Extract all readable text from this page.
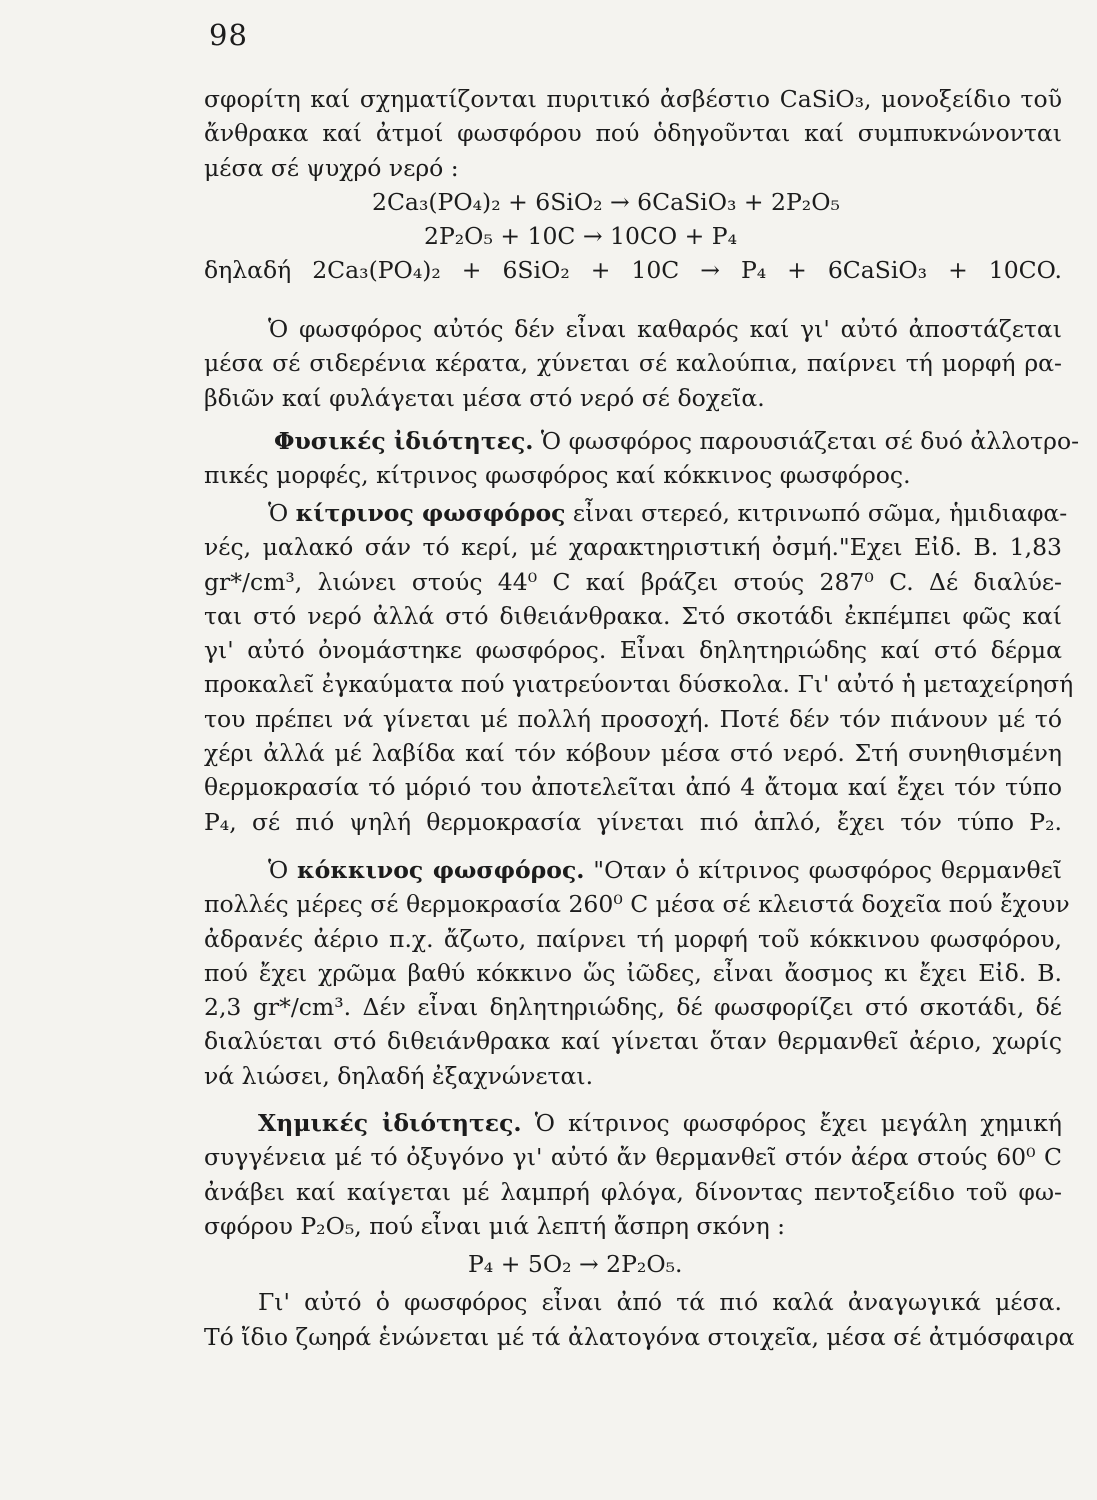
98
σφορίτη καί σχηματίζονται πυριτικό ἀσβέστιο CaSiO₃, μονοξείδιο τοῦ
ἄνθρακα καί ἀτμοί φωσφόρου πού ὁδηγοῦνται καί συμπυκνώνονται
μέσα σέ ψυχρό νερό :
2Ca₃(PO₄)₂ + 6SiO₂ → 6CaSiO₃ + 2P₂O₅
2P₂O₅ + 10C → 10CO + P₄
δηλαδή 2Ca₃(PO₄)₂ + 6SiO₂ + 10C → P₄ + 6CaSiO₃ + 10CO.
Ὁ φωσφόρος αὐτός δέν εἶναι καθαρός καί γι' αὐτό ἀποστάζεται
μέσα σέ σιδερένια κέρατα, χύνεται σέ καλούπια, παίρνει τή μορφή ρα-
βδιῶν καί φυλάγεται μέσα στό νερό σέ δοχεῖα.
Φυσικές ἰδιότητες. Ὁ φωσφόρος παρουσιάζεται σέ δυό ἀλλοτρο-
πικές μορφές, κίτρινος φωσφόρος καί κόκκινος φωσφόρος.
Ὁ κίτρινος φωσφόρος εἶναι στερεό, κιτρινωπό σῶμα, ἡμιδιαφα-
νές, μαλακό σάν τό κερί, μέ χαρακτηριστική ὀσμή."Εχει Εἰδ. Β. 1,83
gr*/cm³, λιώνει στούς 44⁰ C καί βράζει στούς 287⁰ C. Δέ διαλύε-
ται στό νερό ἀλλά στό διθειάνθρακα. Στό σκοτάδι ἐκπέμπει φῶς καί
γι' αὐτό ὀνομάστηκε φωσφόρος. Εἶναι δηλητηριώδης καί στό δέρμα
προκαλεῖ ἐγκαύματα πού γιατρεύονται δύσκολα. Γι' αὐτό ἡ μεταχείρησή
του πρέπει νά γίνεται μέ πολλή προσοχή. Ποτέ δέν τόν πιάνουν μέ τό
χέρι ἀλλά μέ λαβίδα καί τόν κόβουν μέσα στό νερό. Στή συνηθισμένη
θερμοκρασία τό μόριό του ἀποτελεῖται ἀπό 4 ἄτομα καί ἔχει τόν τύπο
P₄, σέ πιό ψηλή θερμοκρασία γίνεται πιό ἁπλό, ἔχει τόν τύπο P₂.
Ὁ κόκκινος φωσφόρος. "Οταν ὁ κίτρινος φωσφόρος θερμανθεῖ
πολλές μέρες σέ θερμοκρασία 260⁰ C μέσα σέ κλειστά δοχεῖα πού ἔχουν
ἀδρανές ἀέριο π.χ. ἄζωτο, παίρνει τή μορφή τοῦ κόκκινου φωσφόρου,
πού ἔχει χρῶμα βαθύ κόκκινο ὥς ἰῶδες, εἶναι ἄοσμος κι ἔχει Εἰδ. Β.
2,3 gr*/cm³. Δέν εἶναι δηλητηριώδης, δέ φωσφορίζει στό σκοτάδι, δέ
διαλύεται στό διθειάνθρακα καί γίνεται ὅταν θερμανθεῖ ἀέριο, χωρίς
νά λιώσει, δηλαδή ἐξαχνώνεται.
Χημικές ἰδιότητες. Ὁ κίτρινος φωσφόρος ἔχει μεγάλη χημική
συγγένεια μέ τό ὀξυγόνο γι' αὐτό ἄν θερμανθεῖ στόν ἀέρα στούς 60⁰ C
ἀνάβει καί καίγεται μέ λαμπρή φλόγα, δίνοντας πεντοξείδιο τοῦ φω-
σφόρου P₂O₅, πού εἶναι μιά λεπτή ἄσπρη σκόνη :
P₄ + 5O₂ → 2P₂O₅.
Γι' αὐτό ὁ φωσφόρος εἶναι ἀπό τά πιό καλά ἀναγωγικά μέσα.
Τό ἴδιο ζωηρά ἑνώνεται μέ τά ἀλατογόνα στοιχεῖα, μέσα σέ ἀτμόσφαιρα
